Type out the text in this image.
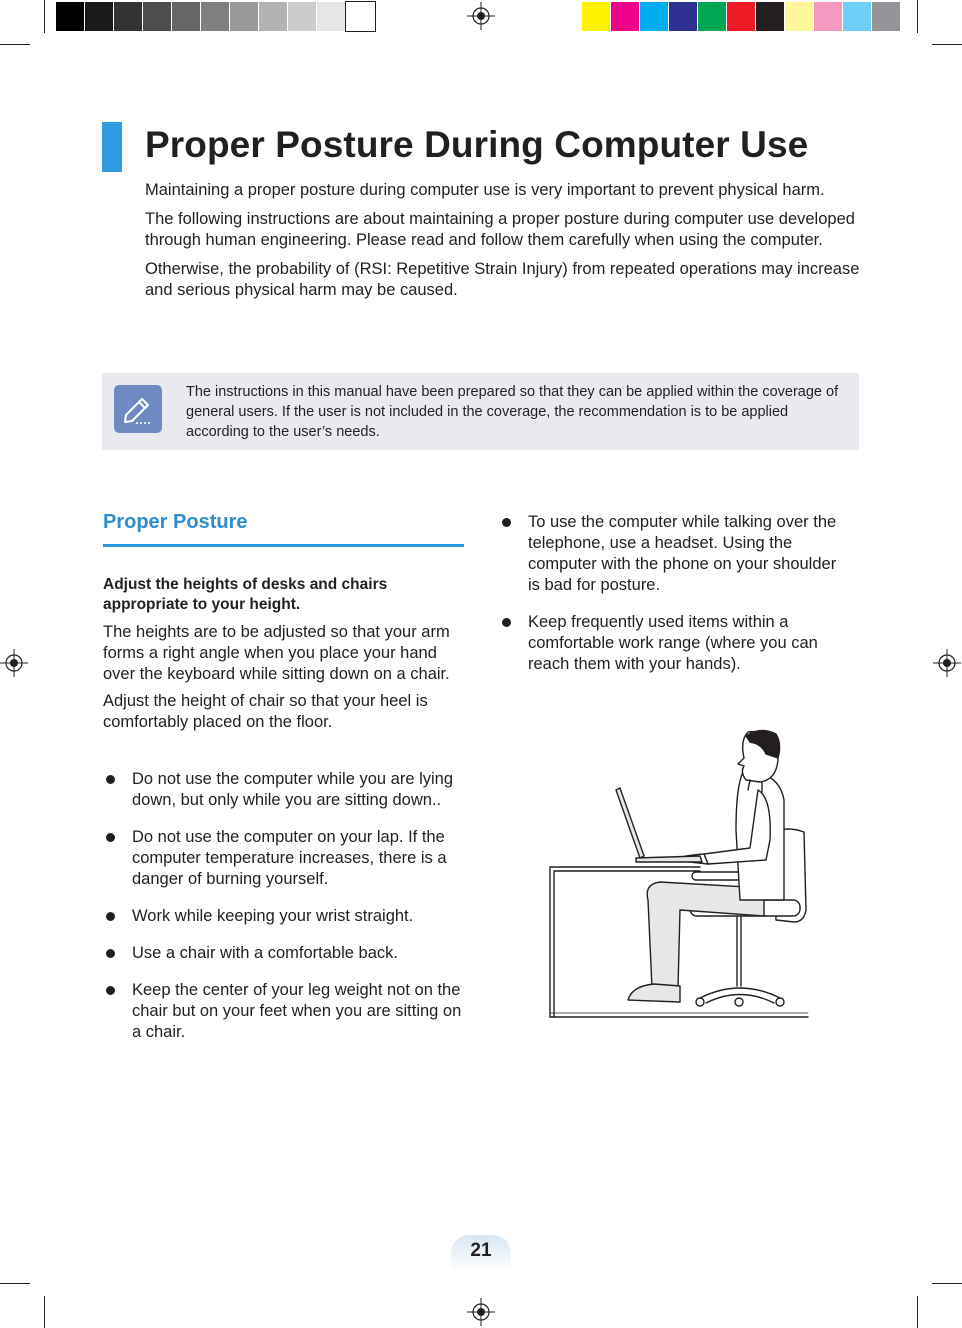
Proper Posture During Computer Use

Maintaining a proper posture during computer use is very important to prevent physical harm.

The following instructions are about maintaining a proper posture during computer use developed through human engineering. Please read and follow them carefully when using the computer.

Otherwise, the probability of (RSI: Repetitive Strain Injury) from repeated operations may increase and serious physical harm may be caused.

The instructions in this manual have been prepared so that they can be applied within the coverage of general users. If the user is not included in the coverage, the recommendation is to be applied according to the user’s needs.
Proper Posture
Adjust the heights of desks and chairs appropriate to your height.

The heights are to be adjusted so that your arm forms a right angle when you place your hand over the keyboard while sitting down on a chair.

Adjust the height of chair so that your heel is comfortably placed on the floor.

Do not use the computer while you are lying down, but only while you are sitting down..
Do not use the computer on your lap. If the computer temperature increases, there is a danger of burning yourself.
Work while keeping your wrist straight.
Use a chair with a comfortable back.
Keep the center of your leg weight not on the chair but on your feet when you are sitting on a chair.
To use the computer while talking over the telephone, use a headset. Using the computer with the phone on your shoulder is bad for posture.
Keep frequently used items within a comfortable work range (where you can reach them with your hands).
21
